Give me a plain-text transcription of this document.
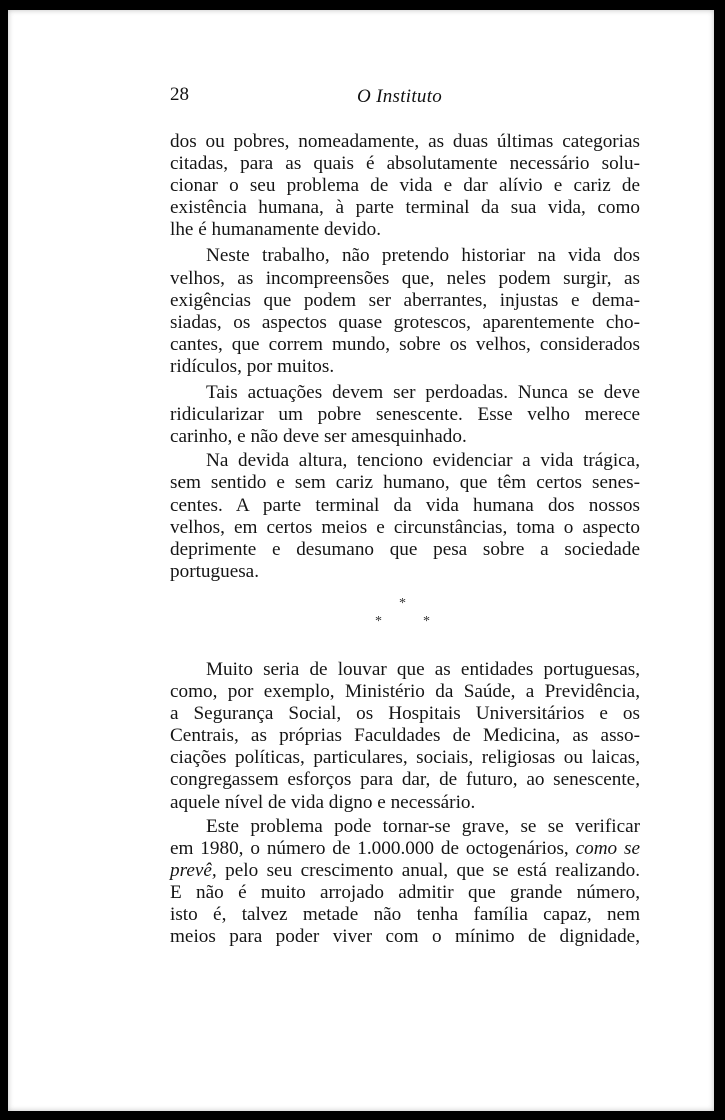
28	O Instituto

dos ou pobres, nomeadamente, as duas últimas categorias
citadas, para as quais é absolutamente necessário solu-
cionar o seu problema de vida e dar alívio e cariz de
existência humana, à parte terminal da sua vida, como
lhe é humanamente devido.

Neste trabalho, não pretendo historiar na vida dos
velhos, as incompreensões que, neles podem surgir, as
exigências que podem ser aberrantes, injustas e dema-
siadas, os aspectos quase grotescos, aparentemente cho-
cantes, que correm mundo, sobre os velhos, considerados
ridículos, por muitos.

Tais actuações devem ser perdoadas. Nunca se deve
ridicularizar um pobre senescente. Esse velho merece
carinho, e não deve ser amesquinhado.

Na devida altura, tenciono evidenciar a vida trágica,
sem sentido e sem cariz humano, que têm certos senes-
centes. A parte terminal da vida humana dos nossos
velhos, em certos meios e circunstâncias, toma o aspecto
deprimente e desumano que pesa sobre a sociedade
portuguesa.

*
*	*

Muito seria de louvar que as entidades portuguesas,
como, por exemplo, Ministério da Saúde, a Previdência,
a Segurança Social, os Hospitais Universitários e os
Centrais, as próprias Faculdades de Medicina, as asso-
ciações políticas, particulares, sociais, religiosas ou laicas,
congregassem esforços para dar, de futuro, ao senescente,
aquele nível de vida digno e necessário.

Este problema pode tornar-se grave, se se verificar
em 1980, o número de 1.000.000 de octogenários, como se
prevê, pelo seu crescimento anual, que se está realizando.
E não é muito arrojado admitir que grande número,
isto é, talvez metade não tenha família capaz, nem
meios para poder viver com o mínimo de dignidade,
